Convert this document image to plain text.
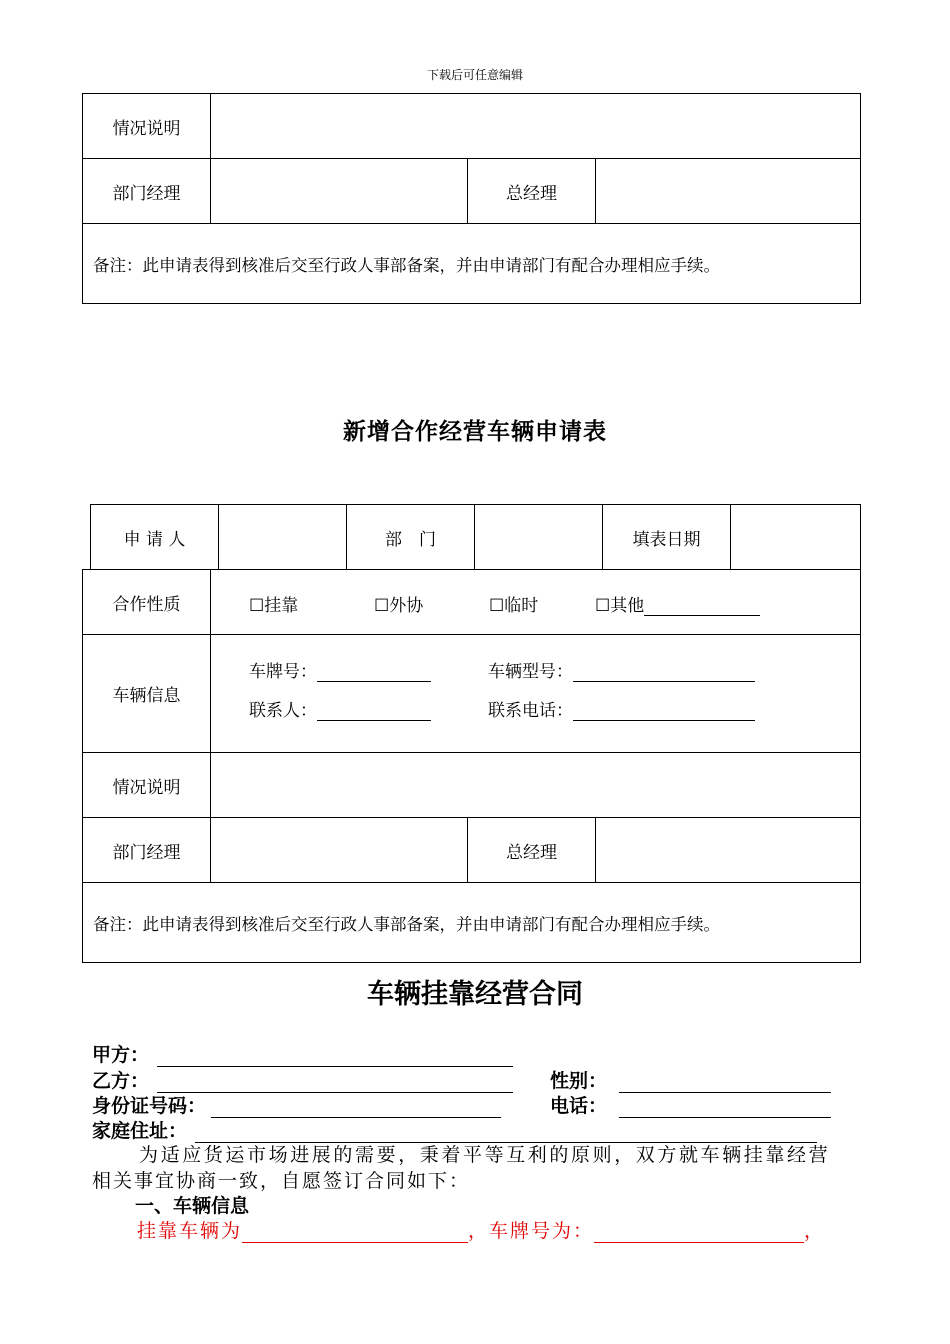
下载后可任意编辑
情况说明			
部门经理		总经理	
备注：此申请表得到核准后交至行政人事部备案，并由申请部门有配合办理相应手续。			
新增合作经营车辆申请表
申 请 人		部　门		填表日期	
合作性质	☐挂靠 ☐外协 ☐临时 ☐其他		

车辆信息	车牌号： 车辆型号：
联系人： 联系电话：		

情况说明			
部门经理		总经理	
备注：此申请表得到核准后交至行政人事部备案，并由申请部门有配合办理相应手续。			
车辆挂靠经营合同
甲方：
乙方：	性别：
身份证号码：	电话：
家庭住址：
为适应货运市场进展的需要，秉着平等互利的原则，双方就车辆挂靠经营
相关事宜协商一致，自愿签订合同如下：
一、车辆信息
挂靠车辆为	，车牌号为：	，
